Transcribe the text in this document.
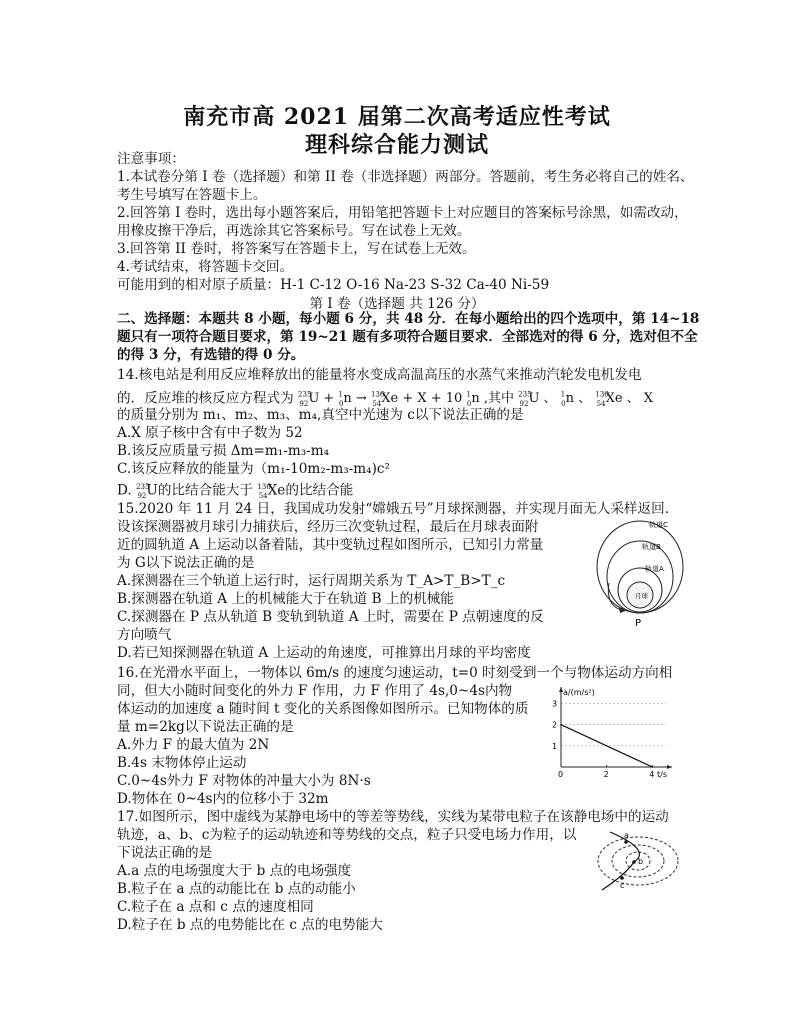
南充市高 2021 届第二次高考适应性考试
理科综合能力测试
注意事项：
1.本试卷分第 I 卷（选择题）和第 II 卷（非选择题）两部分。答题前，考生务必将自己的姓名、
考生号填写在答题卡上。
2.回答第 I 卷时，选出每小题答案后，用铅笔把答题卡上对应题目的答案标号涂黑，如需改动，
用橡皮擦干净后，再选涂其它答案标号。写在试卷上无效。
3.回答第 II 卷时，将答案写在答题卡上，写在试卷上无效。
4.考试结束，将答题卡交回。
可能用到的相对原子质量：H-1 C-12 O-16 Na-23 S-32 Ca-40 Ni-59
第 I 卷（选择题 共 126 分）
二、选择题：本题共 8 小题，每小题 6 分，共 48 分．在每小题给出的四个选项中，第 14~18
题只有一项符合题目要求，第 19~21 题有多项符合题目要求．全部选对的得 6 分，选对但不全
的得 3 分，有选错的得 0 分。
14.核电站是利用反应堆释放出的能量将水变成高温高压的水蒸气来推动汽轮发电机发电
的．反应堆的核反应方程式为 $^{235}_{92}$U + $^1_0$n → $^{136}_{54}$Xe + X + 10 $^1_0$n ,其中 $^{235}_{92}$U 、 $^1_0$n 、 $^{136}_{54}$Xe 、 X
的质量分别为 m₁、m₂、m₃、m₄,真空中光速为 c以下说法正确的是
A.X 原子核中含有中子数为 52
B.该反应质量亏损 Δm=m₁-m₃-m₄
C.该反应释放的能量为（m₁-10m₂-m₃-m₄)c²
D. $^{235}_{92}$U的比结合能大于 $^{136}_{54}$Xe的比结合能
15.2020 年 11 月 24 日，我国成功发射“嫦娥五号”月球探测器，并实现月面无人采样返回．
设该探测器被月球引力捕获后，经历三次变轨过程，最后在月球表面附
近的圆轨道 A 上运动以备着陆，其中变轨过程如图所示，已知引力常量
为 G以下说法正确的是
A.探测器在三个轨道上运行时，运行周期关系为 T_A>T_B>T_c
B.探测器在轨道 A 上的机械能大于在轨道 B 上的机械能
C.探测器在 P 点从轨道 B 变轨到轨道 A 上时，需要在 P 点朝速度的反
方向喷气
D.若已知探测器在轨道 A 上运动的角速度，可推算出月球的平均密度
轨道C
轨道B
轨道A
月球
P
16.在光滑水平面上，一物体以 6m/s 的速度匀速运动，t=0 时刻受到一个与物体运动方向相
同，但大小随时间变化的外力 F 作用，力 F 作用了 4s,0~4s内物
体运动的加速度 a 随时间 t 变化的关系图像如图所示。已知物体的质
量 m=2kg以下说法正确的是
A.外力 F 的最大值为 2N
B.4s 末物体停止运动
C.0~4s外力 F 对物体的冲量大小为 8N·s
D.物体在 0~4s内的位移小于 32m
0	2	4
1
2
3
a/(m/s²)
t/s
17.如图所示，图中虚线为某静电场中的等差等势线，实线为某带电粒子在该静电场中的运动
轨迹，a、b、c为粒子的运动轨迹和等势线的交点，粒子只受电场力作用，以
下说法正确的是
A.a 点的电场强度大于 b 点的电场强度
B.粒子在 a 点的动能比在 b 点的动能小
C.粒子在 a 点和 c 点的速度相同
D.粒子在 b 点的电势能比在 c 点的电势能大
a
b
c
